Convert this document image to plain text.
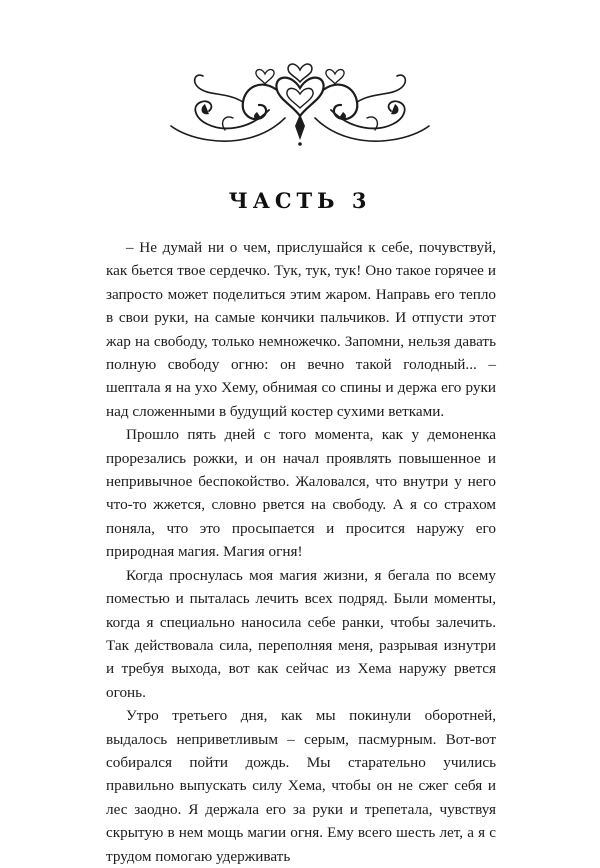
ЧАСТЬ 3

– Не думай ни о чем, прислушайся к себе, почувствуй, как бьется твое сердечко. Тук, тук, тук! Оно такое горячее и запросто может поделиться этим жаром. Направь его тепло в свои руки, на самые кончики пальчиков. И отпусти этот жар на свободу, только немножечко. Запомни, нельзя давать полную свободу огню: он вечно такой голодный... – шептала я на ухо Хему, обнимая со спины и держа его руки над сложенными в будущий костер сухими ветками.

Прошло пять дней с того момента, как у демоненка прорезались рожки, и он начал проявлять повышенное и непривычное беспокойство. Жаловался, что внутри у него что-то жжется, словно рвется на свободу. А я со страхом поняла, что это просыпается и просится наружу его природная магия. Магия огня!

Когда проснулась моя магия жизни, я бегала по всему поместью и пыталась лечить всех подряд. Были моменты, когда я специально наносила себе ранки, чтобы залечить. Так действовала сила, переполняя меня, разрывая изнутри и требуя выхода, вот как сейчас из Хема наружу рвется огонь.

Утро третьего дня, как мы покинули оборотней, выдалось неприветливым – серым, пасмурным. Вот-вот собирался пойти дождь. Мы старательно учились правильно выпускать силу Хема, чтобы он не сжег себя и лес заодно. Я держала его за руки и трепетала, чувствуя скрытую в нем мощь магии огня. Ему всего шесть лет, а я с трудом помогаю удерживать
